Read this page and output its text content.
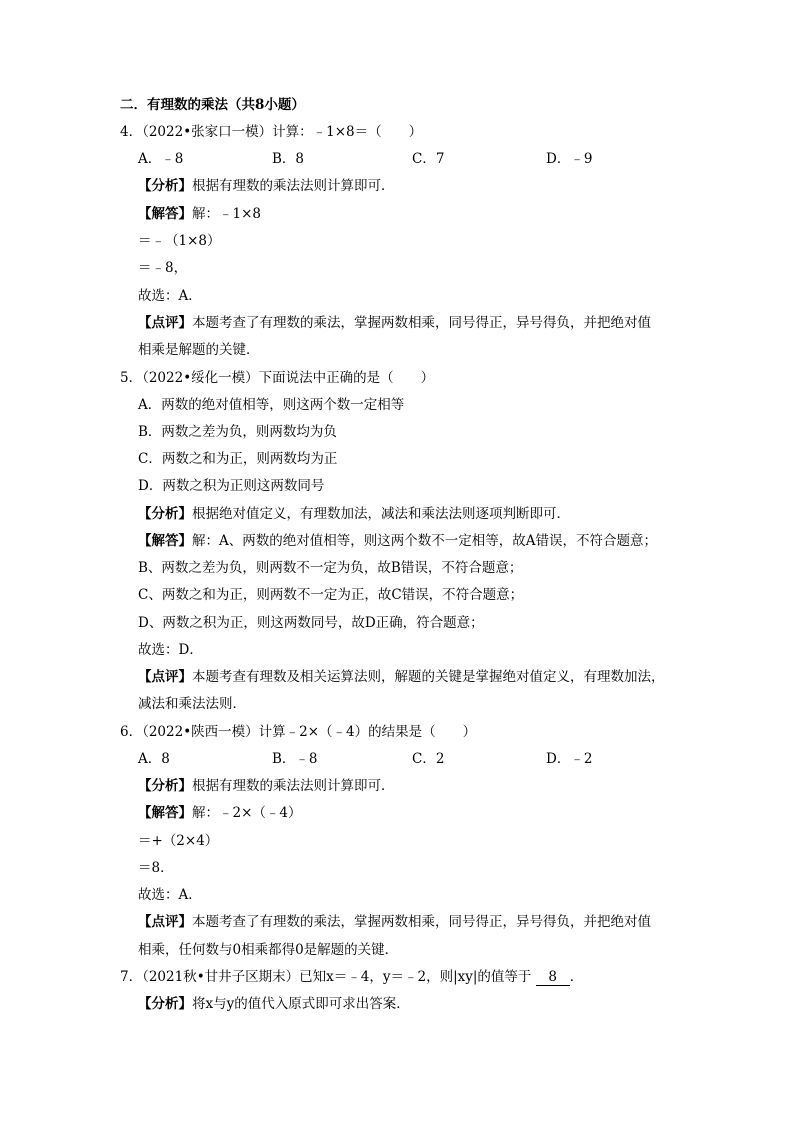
二．有理数的乘法（共8小题）
4．（2022•张家口一模）计算：﹣1×8＝（　　）
A．﹣8	B．8	C．7	D．﹣9
【分析】根据有理数的乘法法则计算即可．
【解答】解：﹣1×8
＝﹣（1×8）
＝﹣8，
故选：A．
【点评】本题考查了有理数的乘法，掌握两数相乘，同号得正，异号得负，并把绝对值
相乘是解题的关键．
5．（2022•绥化一模）下面说法中正确的是（　　）
A．两数的绝对值相等，则这两个数一定相等
B．两数之差为负，则两数均为负
C．两数之和为正，则两数均为正
D．两数之积为正则这两数同号
【分析】根据绝对值定义，有理数加法，减法和乘法法则逐项判断即可．
【解答】解：A、两数的绝对值相等，则这两个数不一定相等，故A错误，不符合题意；
B、两数之差为负，则两数不一定为负，故B错误，不符合题意；
C、两数之和为正，则两数不一定为正，故C错误，不符合题意；
D、两数之积为正，则这两数同号，故D正确，符合题意；
故选：D．
【点评】本题考查有理数及相关运算法则，解题的关键是掌握绝对值定义，有理数加法，
减法和乘法法则．
6．（2022•陕西一模）计算﹣2×（﹣4）的结果是（　　）
A．8	B．﹣8	C．2	D．﹣2
【分析】根据有理数的乘法法则计算即可．
【解答】解：﹣2×（﹣4）
＝+（2×4）
＝8．
故选：A．
【点评】本题考查了有理数的乘法，掌握两数相乘，同号得正，异号得负，并把绝对值
相乘，任何数与0相乘都得0是解题的关键．
7．（2021秋•甘井子区期末）已知x＝﹣4，y＝﹣2，则|xy|的值等于 8 ．
【分析】将x与y的值代入原式即可求出答案．
